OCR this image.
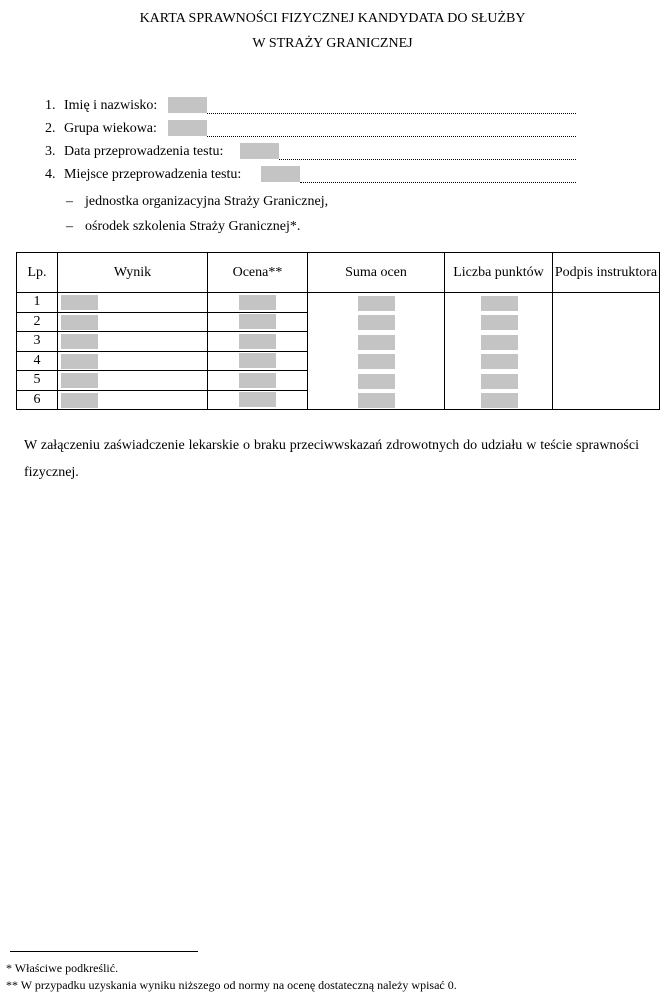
KARTA SPRAWNOŚCI FIZYCZNEJ KANDYDATA DO SŁUŻBY
W STRAŻY GRANICZNEJ
1. Imię i nazwisko:
2. Grupa wiekowa:
3. Data przeprowadzenia testu:
4. Miejsce przeprowadzenia testu:
– jednostka organizacyjna Straży Granicznej,
– ośrodek szkolenia Straży Granicznej*.
Lp.	Wynik	Ocena**	Suma ocen	Liczba punktów	Podpis instruktora
1	

2				

3				

4				

5				

6				

W załączeniu zaświadczenie lekarskie o braku przeciwwskazań zdrowotnych do udziału w teście sprawności fizycznej.
* Właściwe podkreślić.
** W przypadku uzyskania wyniku niższego od normy na ocenę dostateczną należy wpisać 0.
